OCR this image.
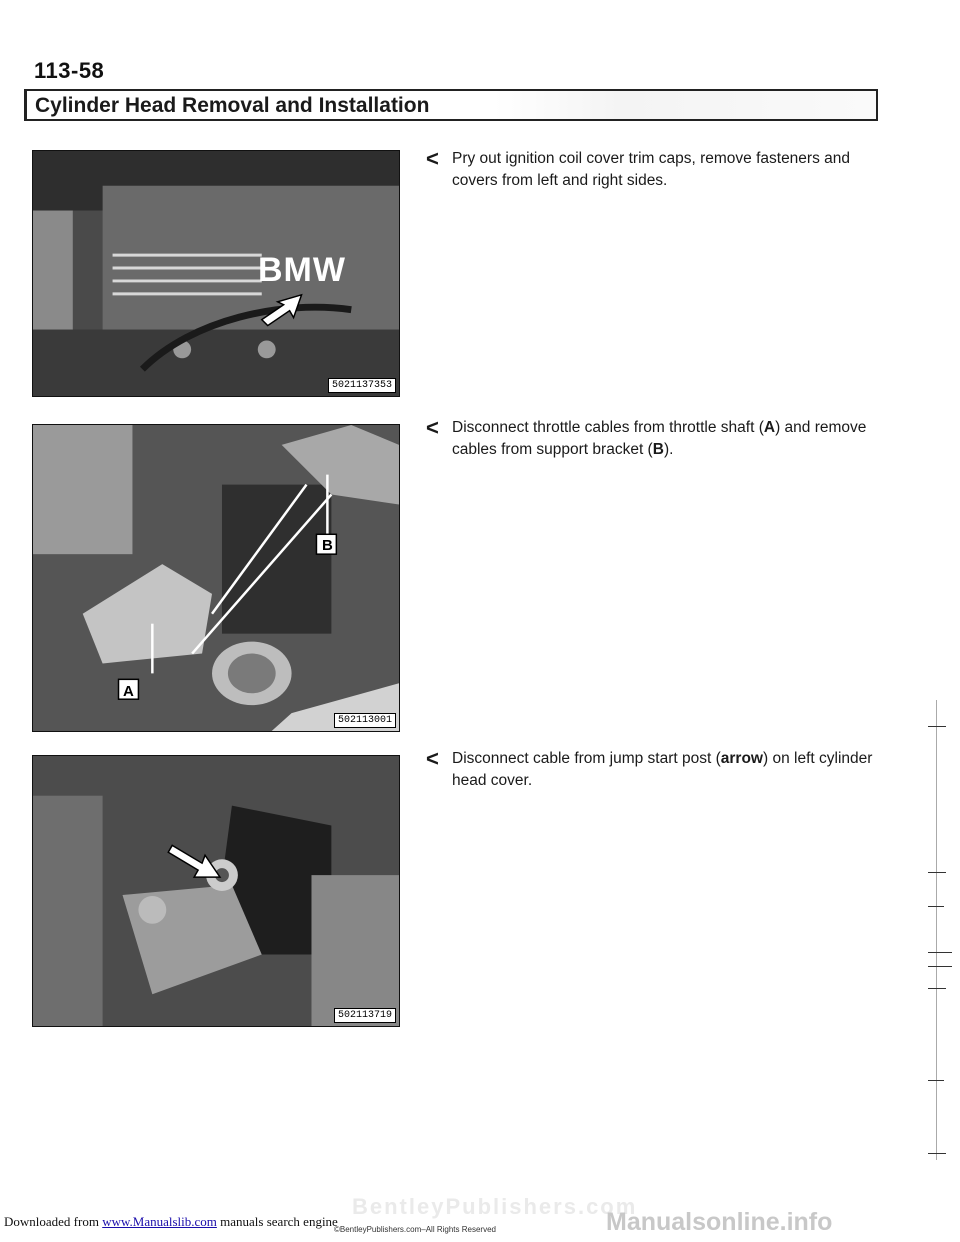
113-58
Cylinder Head Removal and Installation
BMW
5021137353
B
A
502113001
502113719
< Pry out ignition coil cover trim caps, remove fasteners and covers from left and right sides.
< Disconnect throttle cables from throttle shaft (A) and remove cables from support bracket (B).
< Disconnect cable from jump start post (arrow) on left cylinder head cover.
BentleyPublishers.com
Manualsonline.info
Downloaded from www.Manualslib.com manuals search engine
©BentleyPublishers.com–All Rights Reserved
